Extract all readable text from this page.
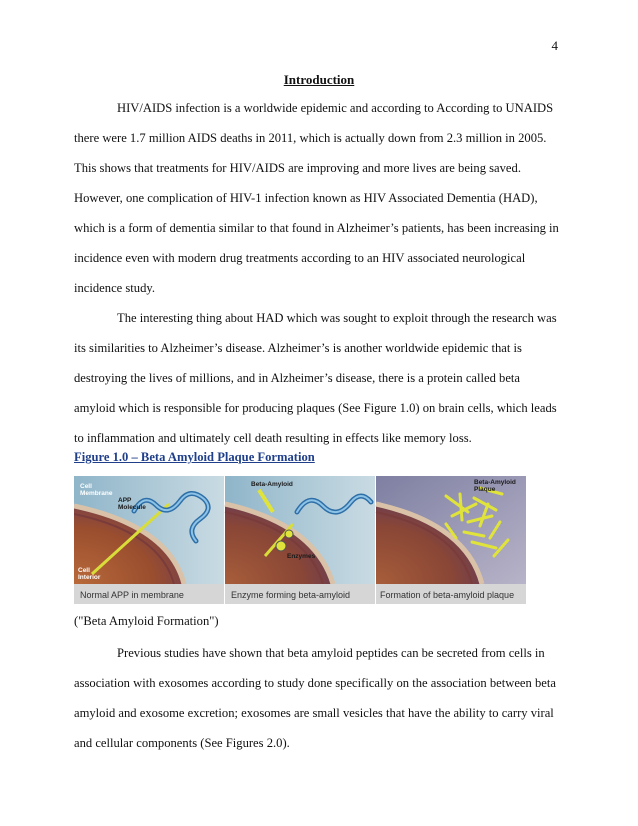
4
Introduction
HIV/AIDS infection is a worldwide epidemic and according to According to UNAIDS
there were 1.7 million AIDS deaths in 2011, which is actually down from 2.3 million in 2005.
This shows that treatments for HIV/AIDS are improving and more lives are being saved.
However, one complication of HIV-1 infection known as HIV Associated Dementia (HAD),
which is a form of dementia similar to that found in Alzheimer’s patients, has been increasing in
incidence even with modern drug treatments according to an HIV associated neurological
incidence study.
The interesting thing about HAD which was sought to exploit through the research was
its similarities to Alzheimer’s disease. Alzheimer’s is another worldwide epidemic that is
destroying the lives of millions, and in Alzheimer’s disease, there is a protein called beta
amyloid which is responsible for producing plaques (See Figure 1.0) on brain cells, which leads
to inflammation and ultimately cell death resulting in effects like memory loss.
Figure 1.0 – Beta Amyloid Plaque Formation
Cell
Membrane
APP
Molecule
Cell
Interior
Normal APP in membrane
Beta-Amyloid
Enzymes
Enzyme forming beta-amyloid
Beta-Amyloid
Plaque
Formation of beta-amyloid plaque
("Beta Amyloid Formation")
Previous studies have shown that beta amyloid peptides can be secreted from cells in
association with exosomes according to study done specifically on the association between beta
amyloid and exosome excretion; exosomes are small vesicles that have the ability to carry viral
and cellular components (See Figures 2.0).
